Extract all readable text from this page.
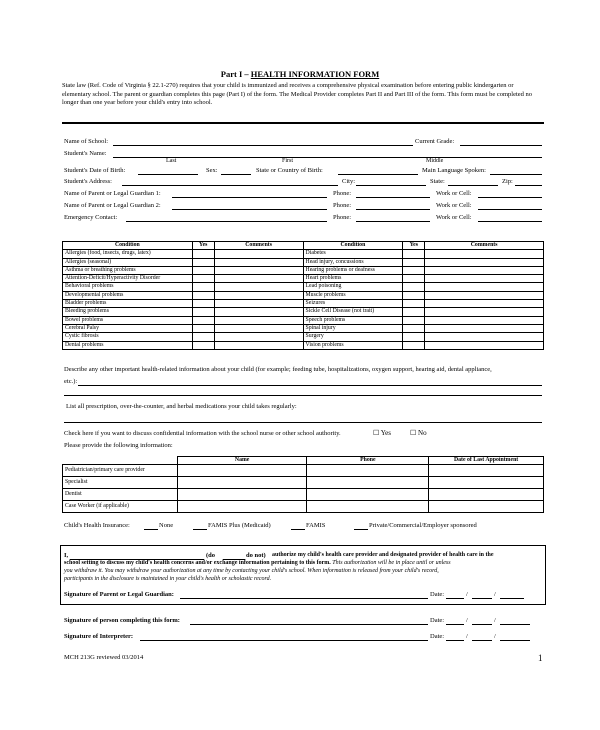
Part I – HEALTH INFORMATION FORM
State law (Ref. Code of Virginia § 22.1-270) requires that your child is immunized and receives a comprehensive physical examination before entering public kindergarten or elementary school. The parent or guardian completes this page (Part I) of the form. The Medical Provider completes Part II and Part III of the form. This form must be completed no longer than one year before your child's entry into school.
Name of School:	Current Grade:
Student's Name:
Last	First	Middle
Student's Date of Birth:	Sex:	State or Country of Birth:	Main Language Spoken:
Student's Address:	City:	State:	Zip:
Name of Parent or Legal Guardian 1:	Phone:	Work or Cell:
Name of Parent or Legal Guardian 2:	Phone:	Work or Cell:
Emergency Contact:	Phone:	Work or Cell:
Condition	Yes	Comments	Condition	Yes	Comments
Allergies (food, insects, drugs, latex)			Diabetes		
Allergies (seasonal)			Head injury, concussions		
Asthma or breathing problems			Hearing problems or deafness		
Attention-Deficit/Hyperactivity Disorder			Heart problems		
Behavioral problems			Lead poisoning		
Developmental problems			Muscle problems		
Bladder problems			Seizures		
Bleeding problems			Sickle Cell Disease (not trait)		
Bowel problems			Speech problems		
Cerebral Palsy			Spinal injury		
Cystic fibrosis			Surgery		
Dental problems			Vision problems		
Describe any other important health-related information about your child (for example; feeding tube, hospitalizations, oxygen support, hearing aid, dental appliance,
etc.):
List all prescription, over-the-counter, and herbal medications your child takes regularly:
Check here if you want to discuss confidential information with the school nurse or other school authority.	☐ Yes	☐ No
Please provide the following information:
	Name	Phone	Date of Last Appointment
Pediatrician/primary care provider			
Specialist			
Dentist			
Case Worker (if applicable)			
Child's Health Insurance:	None	FAMIS Plus (Medicaid)	FAMIS	Private/Commercial/Employer sponsored
I,	(do	do not) authorize my child's health care provider and designated provider of health care in the
school setting to discuss my child's health concerns and/or exchange information pertaining to this form. This authorization will be in place until or unless
you withdraw it. You may withdraw your authorization at any time by contacting your child's school. When information is released from your child's record,
participants in the disclosure is maintained in your child's health or scholastic record.
Signature of Parent or Legal Guardian:	Date:	/	/
Signature of person completing this form:	Date:	/	/
Signature of Interpreter:	Date:	/	/
MCH 213G reviewed 03/2014	1
